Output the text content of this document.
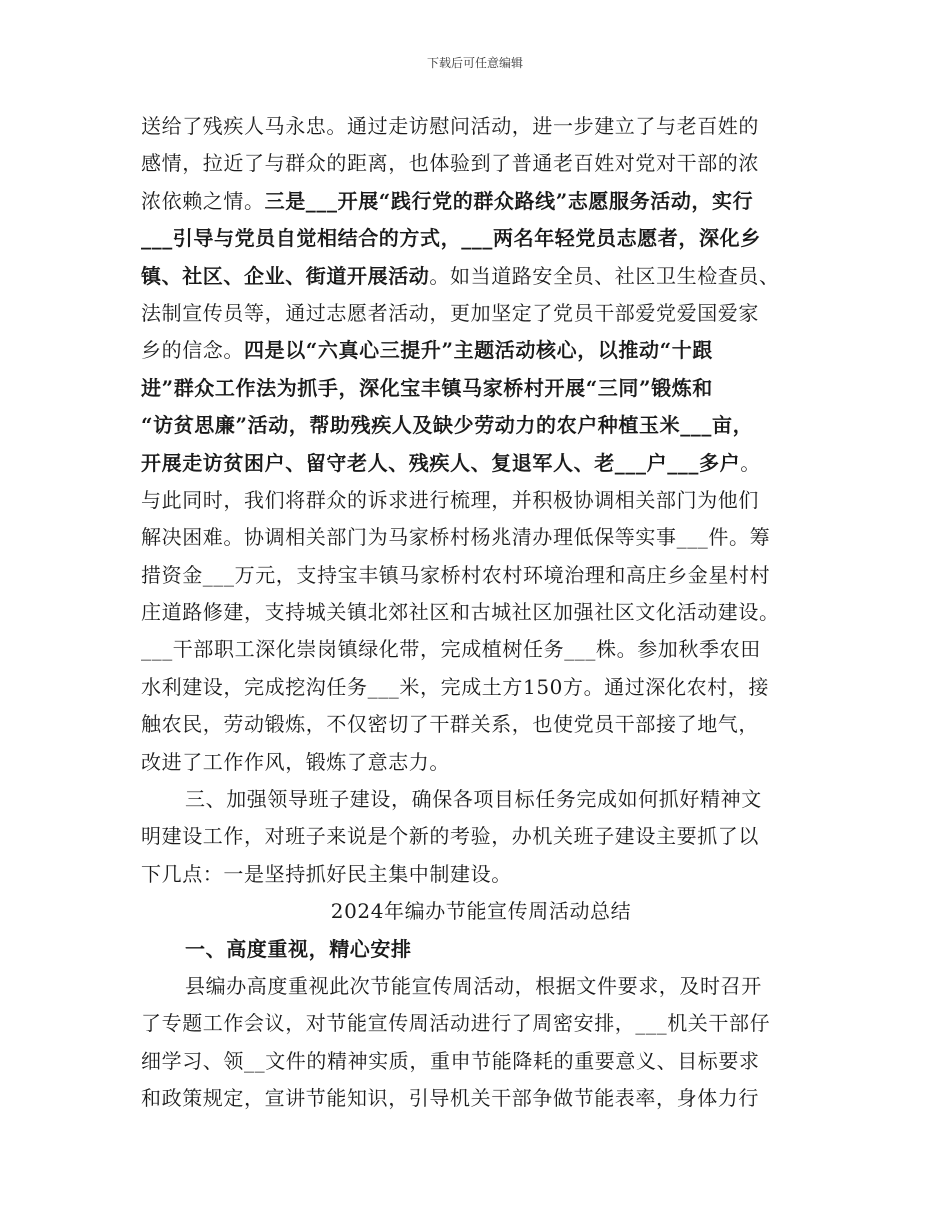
下载后可任意编辑
送给了残疾人马永忠。通过走访慰问活动，进一步建立了与老百姓的
感情，拉近了与群众的距离，也体验到了普通老百姓对党对干部的浓
浓依赖之情。三是___开展“践行党的群众路线”志愿服务活动，实行
___引导与党员自觉相结合的方式，___两名年轻党员志愿者，深化乡
镇、社区、企业、街道开展活动。如当道路安全员、社区卫生检查员、
法制宣传员等，通过志愿者活动，更加坚定了党员干部爱党爱国爱家
乡的信念。四是以“六真心三提升”主题活动核心，以推动“十跟
进”群众工作法为抓手，深化宝丰镇马家桥村开展“三同”锻炼和
“访贫思廉”活动，帮助残疾人及缺少劳动力的农户种植玉米___亩，
开展走访贫困户、留守老人、残疾人、复退军人、老___户___多户。
与此同时，我们将群众的诉求进行梳理，并积极协调相关部门为他们
解决困难。协调相关部门为马家桥村杨兆清办理低保等实事___件。筹
措资金___万元，支持宝丰镇马家桥村农村环境治理和高庄乡金星村村
庄道路修建，支持城关镇北郊社区和古城社区加强社区文化活动建设。
___干部职工深化崇岗镇绿化带，完成植树任务___株。参加秋季农田
水利建设，完成挖沟任务___米，完成土方150方。通过深化农村，接
触农民，劳动锻炼，不仅密切了干群关系，也使党员干部接了地气，
改进了工作作风，锻炼了意志力。
三、加强领导班子建设，确保各项目标任务完成如何抓好精神文
明建设工作，对班子来说是个新的考验，办机关班子建设主要抓了以
下几点：一是坚持抓好民主集中制建设。
2024年编办节能宣传周活动总结
一、高度重视，精心安排
县编办高度重视此次节能宣传周活动，根据文件要求，及时召开
了专题工作会议，对节能宣传周活动进行了周密安排，___机关干部仔
细学习、领__文件的精神实质，重申节能降耗的重要意义、目标要求
和政策规定，宣讲节能知识，引导机关干部争做节能表率，身体力行
